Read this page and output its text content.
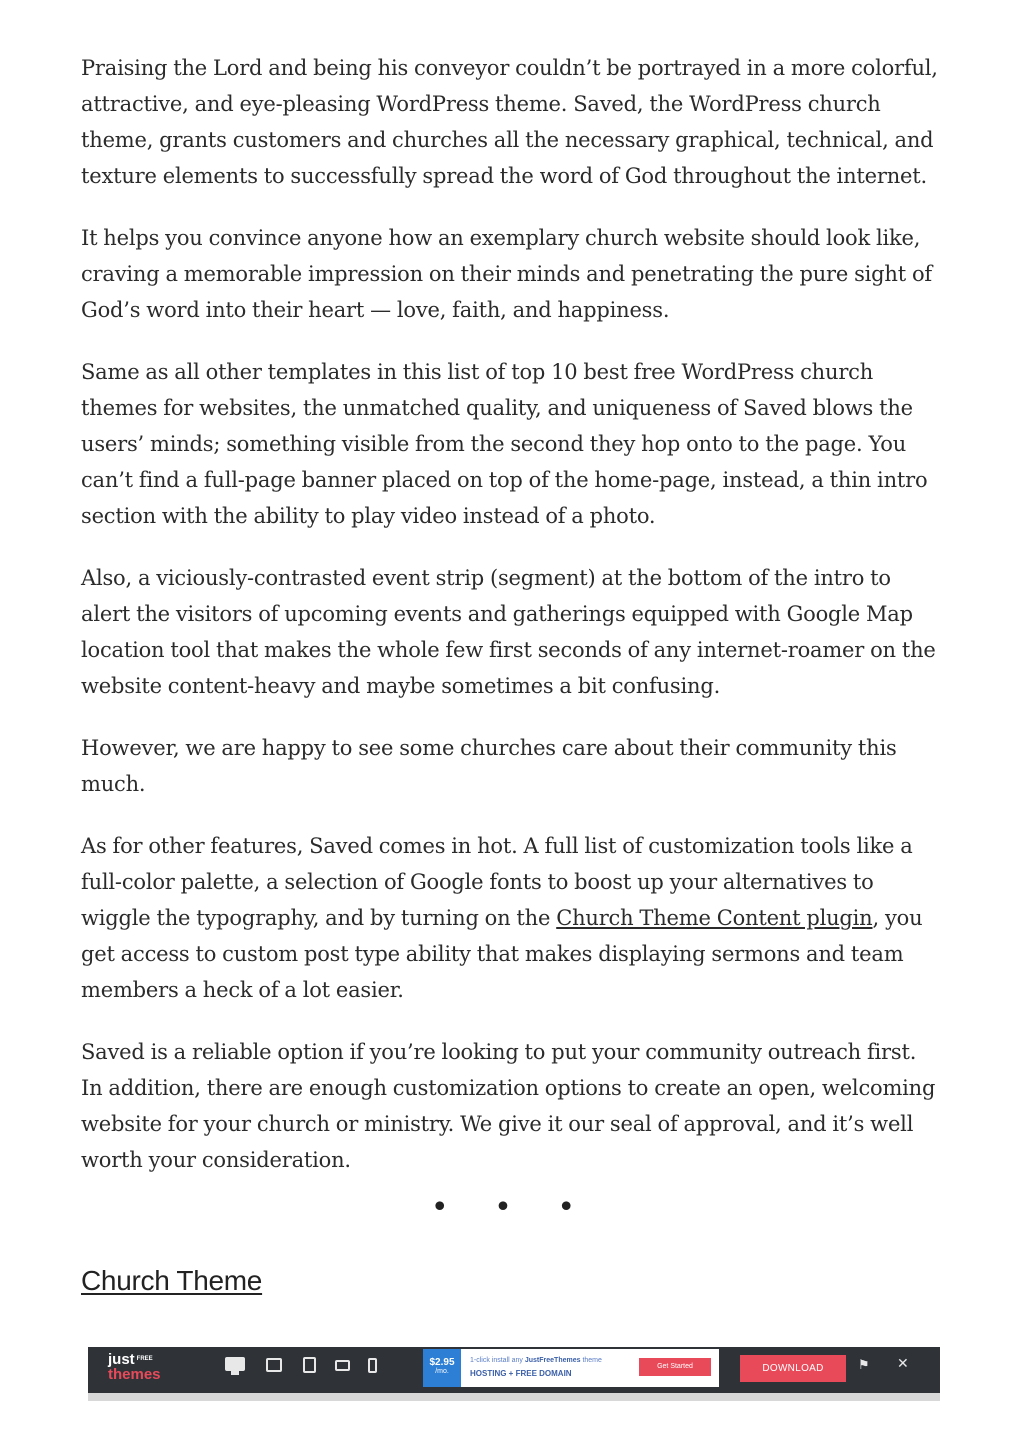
Praising the Lord and being his conveyor couldn’t be portrayed in a more colorful, attractive, and eye-pleasing WordPress theme. Saved, the WordPress church theme, grants customers and churches all the necessary graphical, technical, and texture elements to successfully spread the word of God throughout the internet.

It helps you convince anyone how an exemplary church website should look like, craving a memorable impression on their minds and penetrating the pure sight of God’s word into their heart — love, faith, and happiness.

Same as all other templates in this list of top 10 best free WordPress church themes for websites, the unmatched quality, and uniqueness of Saved blows the users’ minds; something visible from the second they hop onto to the page. You can’t find a full-page banner placed on top of the home-page, instead, a thin intro section with the ability to play video instead of a photo.

Also, a viciously-contrasted event strip (segment) at the bottom of the intro to alert the visitors of upcoming events and gatherings equipped with Google Map location tool that makes the whole few first seconds of any internet-roamer on the website content-heavy and maybe sometimes a bit confusing.

However, we are happy to see some churches care about their community this much.

As for other features, Saved comes in hot. A full list of customization tools like a full-color palette, a selection of Google fonts to boost up your alternatives to wiggle the typography, and by turning on the Church Theme Content plugin, you get access to custom post type ability that makes displaying sermons and team members a heck of a lot easier.

Saved is a reliable option if you’re looking to put your community outreach first. In addition, there are enough customization options to create an open, welcoming website for your church or ministry. We give it our seal of approval, and it’s well worth your consideration.

• • •
Church Theme
just $^{FREE}$
themes
$2.95
/mo.
1-click install any JustFreeThemes theme
HOSTING + FREE DOMAIN
Get Started	DOWNLOAD	⚑ ✕
